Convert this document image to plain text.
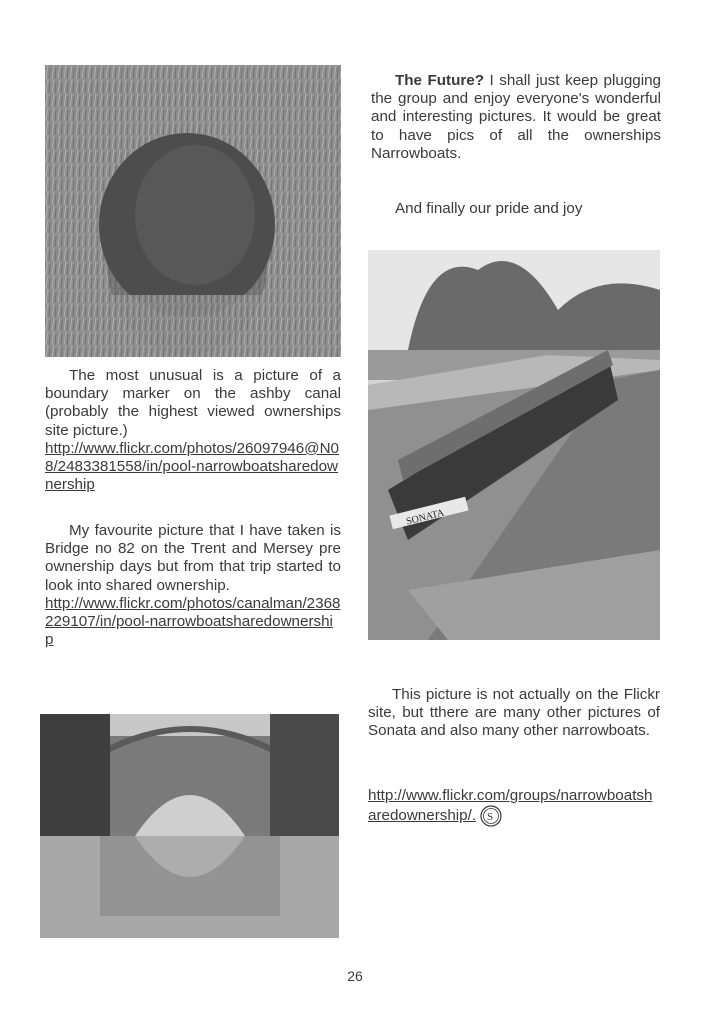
The most unusual is a picture of a boundary marker on the ashby canal (probably the highest viewed ownerships site picture.)
http://www.flickr.com/photos/26097946@N08/2483381558/in/pool-narrowboatsharedownership

My favourite picture that I have taken is Bridge no 82 on the Trent and Mersey pre ownership days but from that trip started to look into shared ownership.
http://www.flickr.com/photos/canalman/2368229107/in/pool-narrowboatsharedownership

The Future? I shall just keep plugging the group and enjoy everyone's wonderful and interesting pictures. It would be great to have pics of all the ownerships Narrowboats.

And finally our pride and joy

SONATA

This picture is not actually on the Flickr site, but tthere are many other pictures of Sonata and also many other narrowboats.

http://www.flickr.com/groups/narrowboatsharedownership/. S

26
